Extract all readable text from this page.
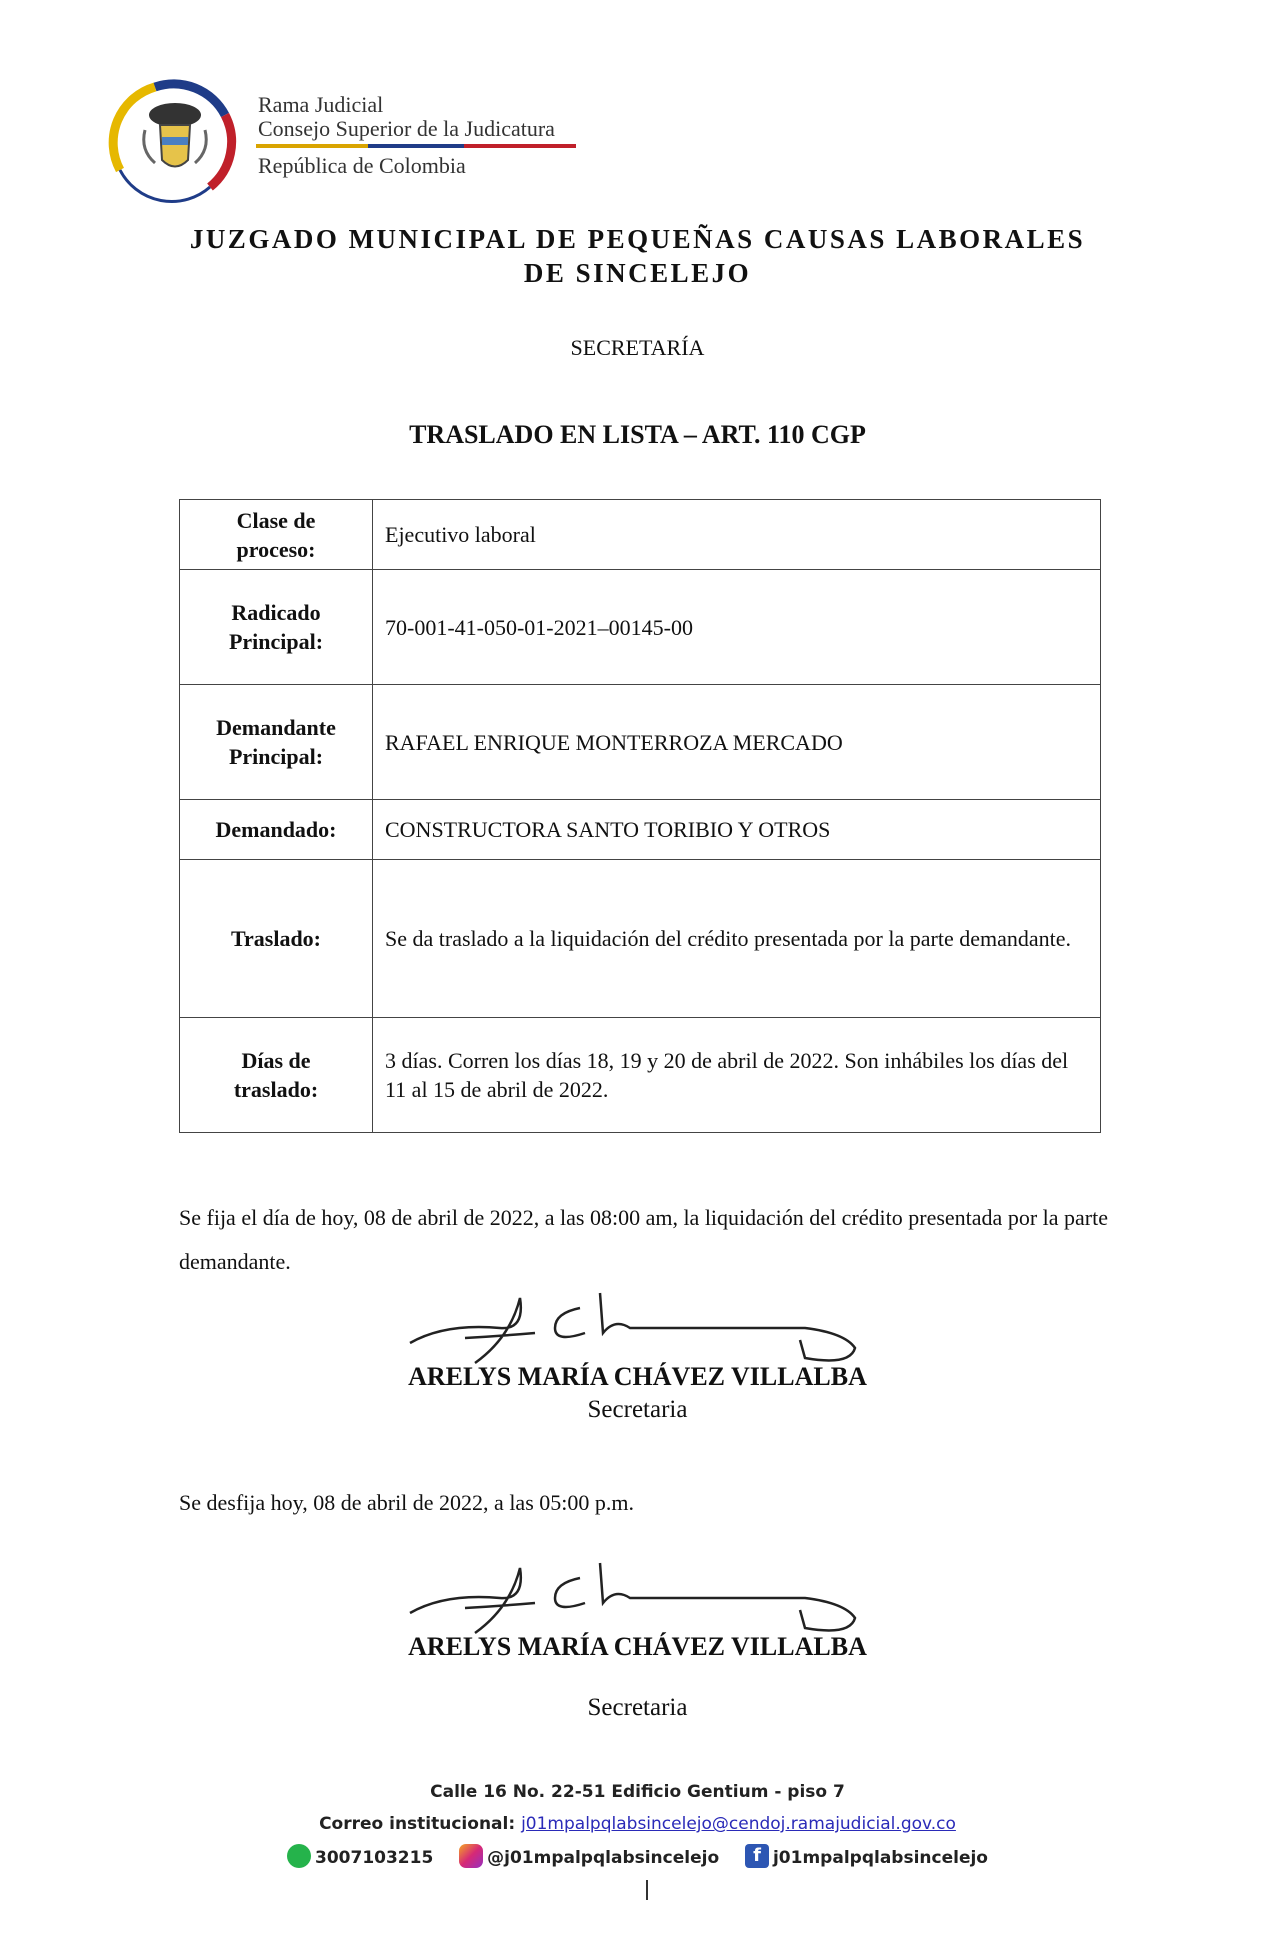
Rama Judicial
Consejo Superior de la Judicatura
República de Colombia
JUZGADO MUNICIPAL DE PEQUEÑAS CAUSAS LABORALES
DE SINCELEJO
SECRETARÍA
TRASLADO EN LISTA – ART. 110 CGP
Clase de
proceso:	Ejecutivo laboral

Radicado
Principal:	70-001-41-050-01-2021–00145-00

Demandante
Principal:	RAFAEL ENRIQUE MONTERROZA MERCADO
Demandado:	CONSTRUCTORA SANTO TORIBIO Y OTROS
Traslado:	Se da traslado a la liquidación del crédito presentada por la parte demandante.

Días de
traslado:	3 días. Corren los días 18, 19 y 20 de abril de 2022. Son inhábiles los días del 11 al 15 de abril de 2022.
Se fija el día de hoy, 08 de abril de 2022, a las 08:00 am, la liquidación del crédito presentada por la parte demandante.
ARELYS MARÍA CHÁVEZ VILLALBA
Secretaria
Se desfija hoy, 08 de abril de 2022, a las 05:00 p.m.
ARELYS MARÍA CHÁVEZ VILLALBA
Secretaria
Calle 16 No. 22-51 Edificio Gentium - piso 7
Correo institucional: j01mpalpqlabsincelejo@cendoj.ramajudicial.gov.co
3007103215	@j01mpalpqlabsincelejo f j01mpalpqlabsincelejo
